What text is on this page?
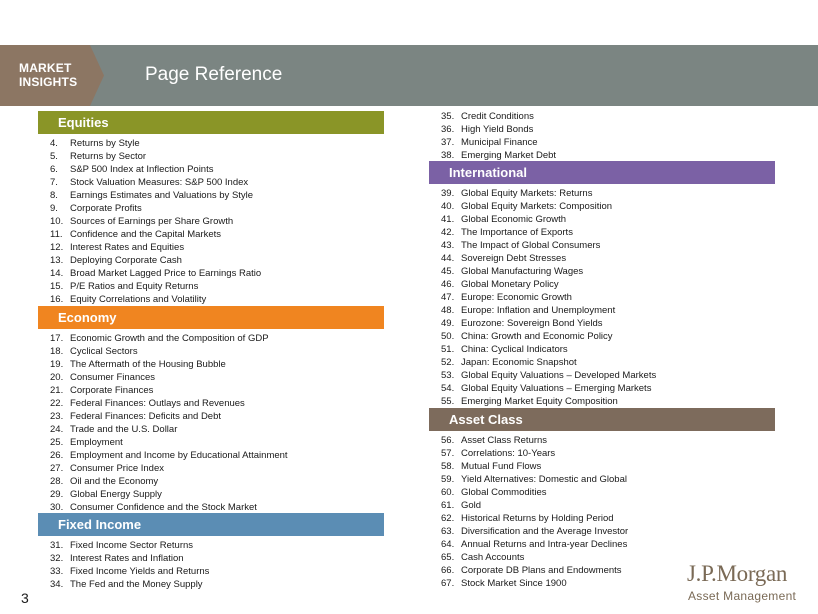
MARKET
INSIGHTS	Page Reference
Equities
4. Returns by Style
5. Returns by Sector
6. S&P 500 Index at Inflection Points
7. Stock Valuation Measures: S&P 500 Index
8. Earnings Estimates and Valuations by Style
9. Corporate Profits
10. Sources of Earnings per Share Growth
11. Confidence and the Capital Markets
12. Interest Rates and Equities
13. Deploying Corporate Cash
14. Broad Market Lagged Price to Earnings Ratio
15. P/E Ratios and Equity Returns
16. Equity Correlations and Volatility
Economy
17. Economic Growth and the Composition of GDP
18. Cyclical Sectors
19. The Aftermath of the Housing Bubble
20. Consumer Finances
21. Corporate Finances
22. Federal Finances: Outlays and Revenues
23. Federal Finances: Deficits and Debt
24. Trade and the U.S. Dollar
25. Employment
26. Employment and Income by Educational Attainment
27. Consumer Price Index
28. Oil and the Economy
29. Global Energy Supply
30. Consumer Confidence and the Stock Market
Fixed Income
31. Fixed Income Sector Returns
32. Interest Rates and Inflation
33. Fixed Income Yields and Returns
34. The Fed and the Money Supply
35. Credit Conditions
36. High Yield Bonds
37. Municipal Finance
38. Emerging Market Debt
International
39. Global Equity Markets: Returns
40. Global Equity Markets: Composition
41. Global Economic Growth
42. The Importance of Exports
43. The Impact of Global Consumers
44. Sovereign Debt Stresses
45. Global Manufacturing Wages
46. Global Monetary Policy
47. Europe: Economic Growth
48. Europe: Inflation and Unemployment
49. Eurozone: Sovereign Bond Yields
50. China: Growth and Economic Policy
51. China: Cyclical Indicators
52. Japan: Economic Snapshot
53. Global Equity Valuations – Developed Markets
54. Global Equity Valuations – Emerging Markets
55. Emerging Market Equity Composition
Asset Class
56. Asset Class Returns
57. Correlations: 10-Years
58. Mutual Fund Flows
59. Yield Alternatives: Domestic and Global
60. Global Commodities
61. Gold
62. Historical Returns by Holding Period
63. Diversification and the Average Investor
64. Annual Returns and Intra-year Declines
65. Cash Accounts
66. Corporate DB Plans and Endowments
67. Stock Market Since 1900
3
J.P.Morgan
Asset Management
